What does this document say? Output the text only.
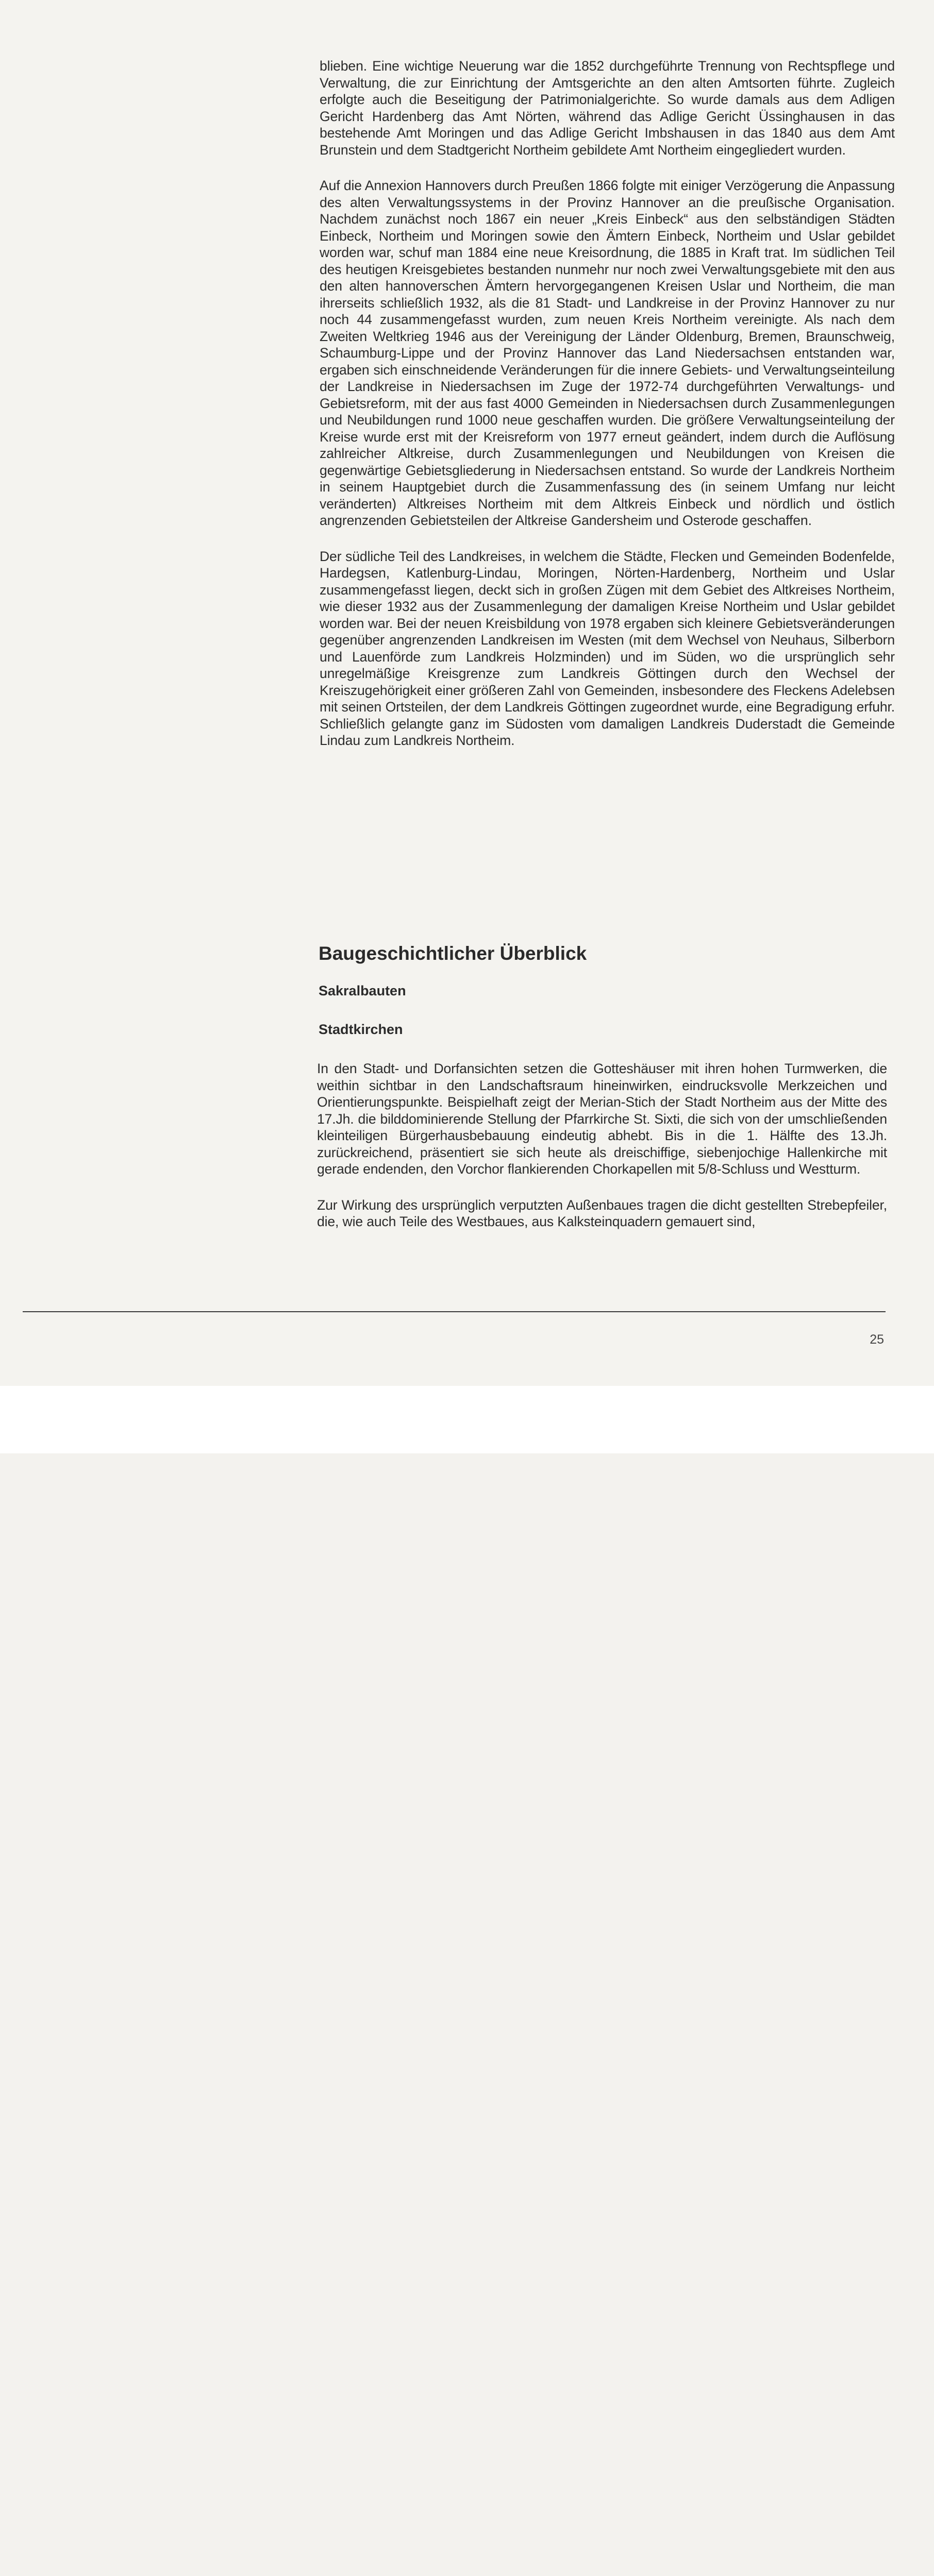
blieben. Eine wichtige Neuerung war die 1852 durchgeführte Trennung von Rechtspflege und Verwaltung, die zur Einrichtung der Amtsgerichte an den alten Amtsorten führte. Zugleich erfolgte auch die Beseitigung der Patrimonialgerichte. So wurde damals aus dem Adligen Gericht Hardenberg das Amt Nörten, während das Adlige Gericht Üssinghausen in das bestehende Amt Moringen und das Adlige Gericht Imbshausen in das 1840 aus dem Amt Brunstein und dem Stadtgericht Northeim gebildete Amt Northeim eingegliedert wurden.

Auf die Annexion Hannovers durch Preußen 1866 folgte mit einiger Verzögerung die Anpassung des alten Verwaltungssystems in der Provinz Hannover an die preußische Organisation. Nachdem zunächst noch 1867 ein neuer „Kreis Einbeck“ aus den selbständigen Städten Einbeck, Northeim und Moringen sowie den Ämtern Einbeck, Northeim und Uslar gebildet worden war, schuf man 1884 eine neue Kreisordnung, die 1885 in Kraft trat. Im südlichen Teil des heutigen Kreisgebietes bestanden nunmehr nur noch zwei Verwaltungsgebiete mit den aus den alten hannoverschen Ämtern hervorgegangenen Kreisen Uslar und Northeim, die man ihrerseits schließlich 1932, als die 81 Stadt- und Landkreise in der Provinz Hannover zu nur noch 44 zusammengefasst wurden, zum neuen Kreis Northeim vereinigte. Als nach dem Zweiten Weltkrieg 1946 aus der Vereinigung der Länder Oldenburg, Bremen, Braunschweig, Schaumburg-Lippe und der Provinz Hannover das Land Niedersachsen entstanden war, ergaben sich einschneidende Veränderungen für die innere Gebiets- und Verwaltungseinteilung der Landkreise in Niedersachsen im Zuge der 1972-74 durchgeführten Verwaltungs- und Gebietsreform, mit der aus fast 4000 Gemeinden in Niedersachsen durch Zusammenlegungen und Neubildungen rund 1000 neue geschaffen wurden. Die größere Verwaltungseinteilung der Kreise wurde erst mit der Kreisreform von 1977 erneut geändert, indem durch die Auflösung zahlreicher Altkreise, durch Zusammenlegungen und Neubildungen von Kreisen die gegenwärtige Gebietsgliederung in Niedersachsen entstand. So wurde der Landkreis Northeim in seinem Hauptgebiet durch die Zusammenfassung des (in seinem Umfang nur leicht veränderten) Altkreises Northeim mit dem Altkreis Einbeck und nördlich und östlich angrenzenden Gebietsteilen der Altkreise Gandersheim und Osterode geschaffen.

Der südliche Teil des Landkreises, in welchem die Städte, Flecken und Gemeinden Bodenfelde, Hardegsen, Katlenburg-Lindau, Moringen, Nörten-Hardenberg, Northeim und Uslar zusammengefasst liegen, deckt sich in großen Zügen mit dem Gebiet des Altkreises Northeim, wie dieser 1932 aus der Zusammenlegung der damaligen Kreise Northeim und Uslar gebildet worden war. Bei der neuen Kreisbildung von 1978 ergaben sich kleinere Gebietsveränderungen gegenüber angrenzenden Landkreisen im Westen (mit dem Wechsel von Neuhaus, Silberborn und Lauenförde zum Landkreis Holzminden) und im Süden, wo die ursprünglich sehr unregelmäßige Kreisgrenze zum Landkreis Göttingen durch den Wechsel der Kreiszugehörigkeit einer größeren Zahl von Gemeinden, insbesondere des Fleckens Adelebsen mit seinen Ortsteilen, der dem Landkreis Göttingen zugeordnet wurde, eine Begradigung erfuhr. Schließlich gelangte ganz im Südosten vom damaligen Landkreis Duderstadt die Gemeinde Lindau zum Landkreis Northeim.

Baugeschichtlicher Überblick
Sakralbauten
Stadtkirchen

In den Stadt- und Dorfansichten setzen die Gotteshäuser mit ihren hohen Turmwerken, die weithin sichtbar in den Landschaftsraum hineinwirken, eindrucksvolle Merkzeichen und Orientierungspunkte. Beispielhaft zeigt der Merian-Stich der Stadt Northeim aus der Mitte des 17.Jh. die bilddominierende Stellung der Pfarrkirche St. Sixti, die sich von der umschließenden kleinteiligen Bürgerhausbebauung eindeutig abhebt. Bis in die 1. Hälfte des 13.Jh. zurückreichend, präsentiert sie sich heute als dreischiffige, siebenjochige Hallenkirche mit gerade endenden, den Vorchor flankierenden Chorkapellen mit 5/8-Schluss und Westturm.

Zur Wirkung des ursprünglich verputzten Außenbaues tragen die dicht gestellten Strebepfeiler, die, wie auch Teile des Westbaues, aus Kalksteinquadern gemauert sind,

25
